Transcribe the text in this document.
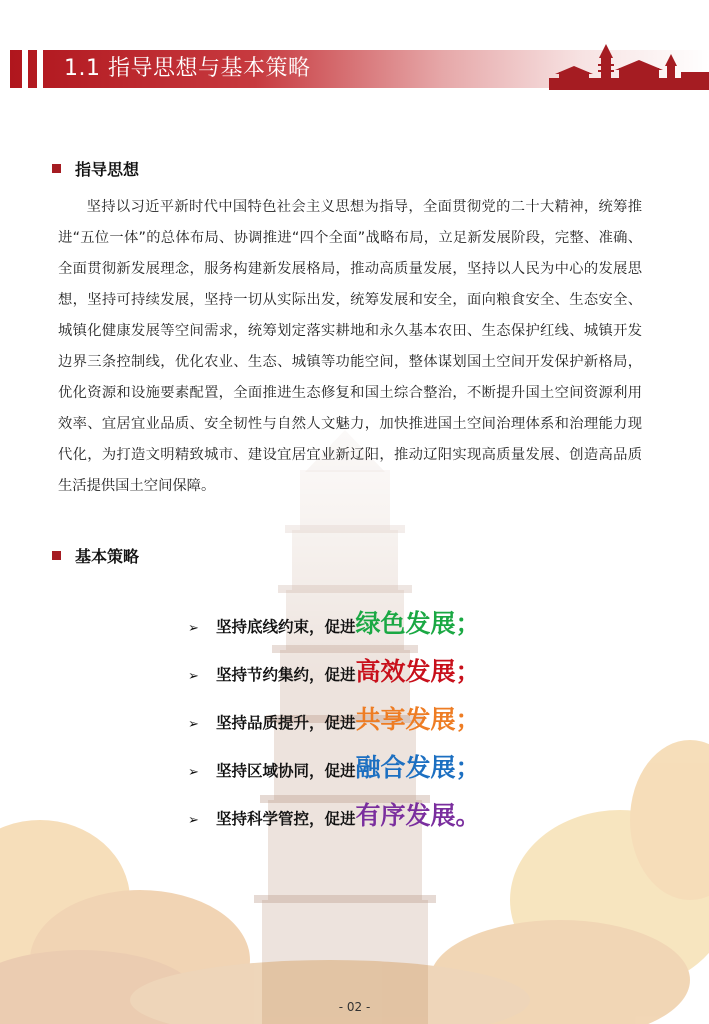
1.1 指导思想与基本策略
指导思想

坚持以习近平新时代中国特色社会主义思想为指导，全面贯彻党的二十大精神，统筹推进“五位一体”的总体布局、协调推进“四个全面”战略布局，立足新发展阶段，完整、准确、全面贯彻新发展理念，服务构建新发展格局，推动高质量发展，坚持以人民为中心的发展思想，坚持可持续发展，坚持一切从实际出发，统筹发展和安全，面向粮食安全、生态安全、城镇化健康发展等空间需求，统筹划定落实耕地和永久基本农田、生态保护红线、城镇开发边界三条控制线，优化农业、生态、城镇等功能空间，整体谋划国土空间开发保护新格局，优化资源和设施要素配置，全面推进生态修复和国土综合整治，不断提升国土空间资源利用效率、宜居宜业品质、安全韧性与自然人文魅力，加快推进国土空间治理体系和治理能力现代化，为打造文明精致城市、建设宜居宜业新辽阳，推动辽阳实现高质量发展、创造高品质生活提供国土空间保障。

基本策略
➢	坚持底线约束，促进 绿色发展；
➢	坚持节约集约，促进 高效发展；
➢	坚持品质提升，促进 共享发展；
➢	坚持区域协同，促进 融合发展；
➢	坚持科学管控，促进 有序发展。
- 02 -
